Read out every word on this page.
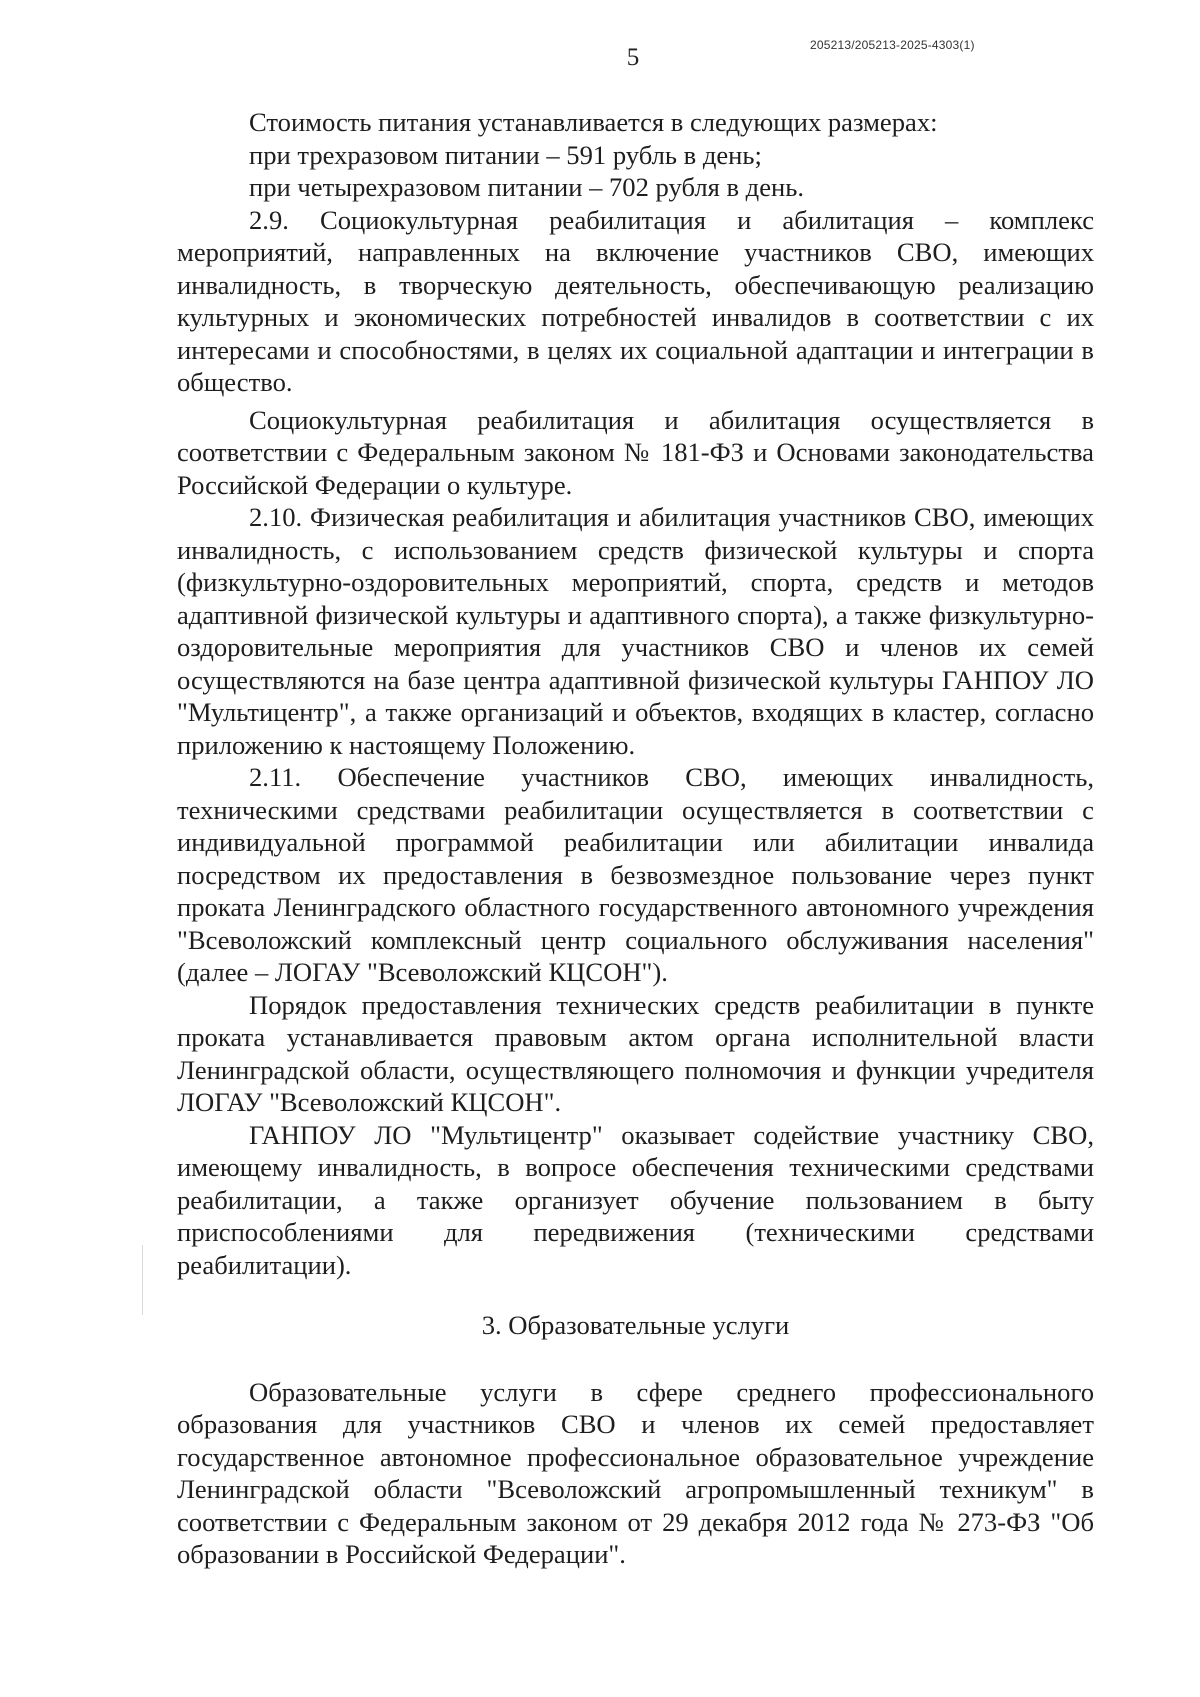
205213/205213-2025-4303(1)
5

Стоимость питания устанавливается в следующих размерах:

при трехразовом питании – 591 рубль в день;

при четырехразовом питании – 702 рубля в день.

2.9. Социокультурная реабилитация и абилитация – комплекс мероприятий, направленных на включение участников СВО, имеющих инвалидность, в творческую деятельность, обеспечивающую реализацию культурных и экономических потребностей инвалидов в соответствии с их интересами и способностями, в целях их социальной адаптации и интеграции в общество.

Социокультурная реабилитация и абилитация осуществляется в соответствии с Федеральным законом № 181-ФЗ и Основами законодательства Российской Федерации о культуре.

2.10. Физическая реабилитация и абилитация участников СВО, имеющих инвалидность, с использованием средств физической культуры и спорта (физкультурно-оздоровительных мероприятий, спорта, средств и методов адаптивной физической культуры и адаптивного спорта), а также физкультурно-оздоровительные мероприятия для участников СВО и членов их семей осуществляются на базе центра адаптивной физической культуры ГАНПОУ ЛО "Мультицентр", а также организаций и объектов, входящих в кластер, согласно приложению к настоящему Положению.

2.11. Обеспечение участников СВО, имеющих инвалидность, техническими средствами реабилитации осуществляется в соответствии с индивидуальной программой реабилитации или абилитации инвалида посредством их предоставления в безвозмездное пользование через пункт проката Ленинградского областного государственного автономного учреждения "Всеволожский комплексный центр социального обслуживания населения" (далее – ЛОГАУ "Всеволожский КЦСОН").

Порядок предоставления технических средств реабилитации в пункте проката устанавливается правовым актом органа исполнительной власти Ленинградской области, осуществляющего полномочия и функции учредителя ЛОГАУ "Всеволожский КЦСОН".

ГАНПОУ ЛО "Мультицентр" оказывает содействие участнику СВО, имеющему инвалидность, в вопросе обеспечения техническими средствами реабилитации, а также организует обучение пользованием в быту приспособлениями для передвижения (техническими средствами реабилитации).

3. Образовательные услуги

Образовательные услуги в сфере среднего профессионального образования для участников СВО и членов их семей предоставляет государственное автономное профессиональное образовательное учреждение Ленинградской области "Всеволожский агропромышленный техникум" в соответствии с Федеральным законом от 29 декабря 2012 года № 273-ФЗ "Об образовании в Российской Федерации".
